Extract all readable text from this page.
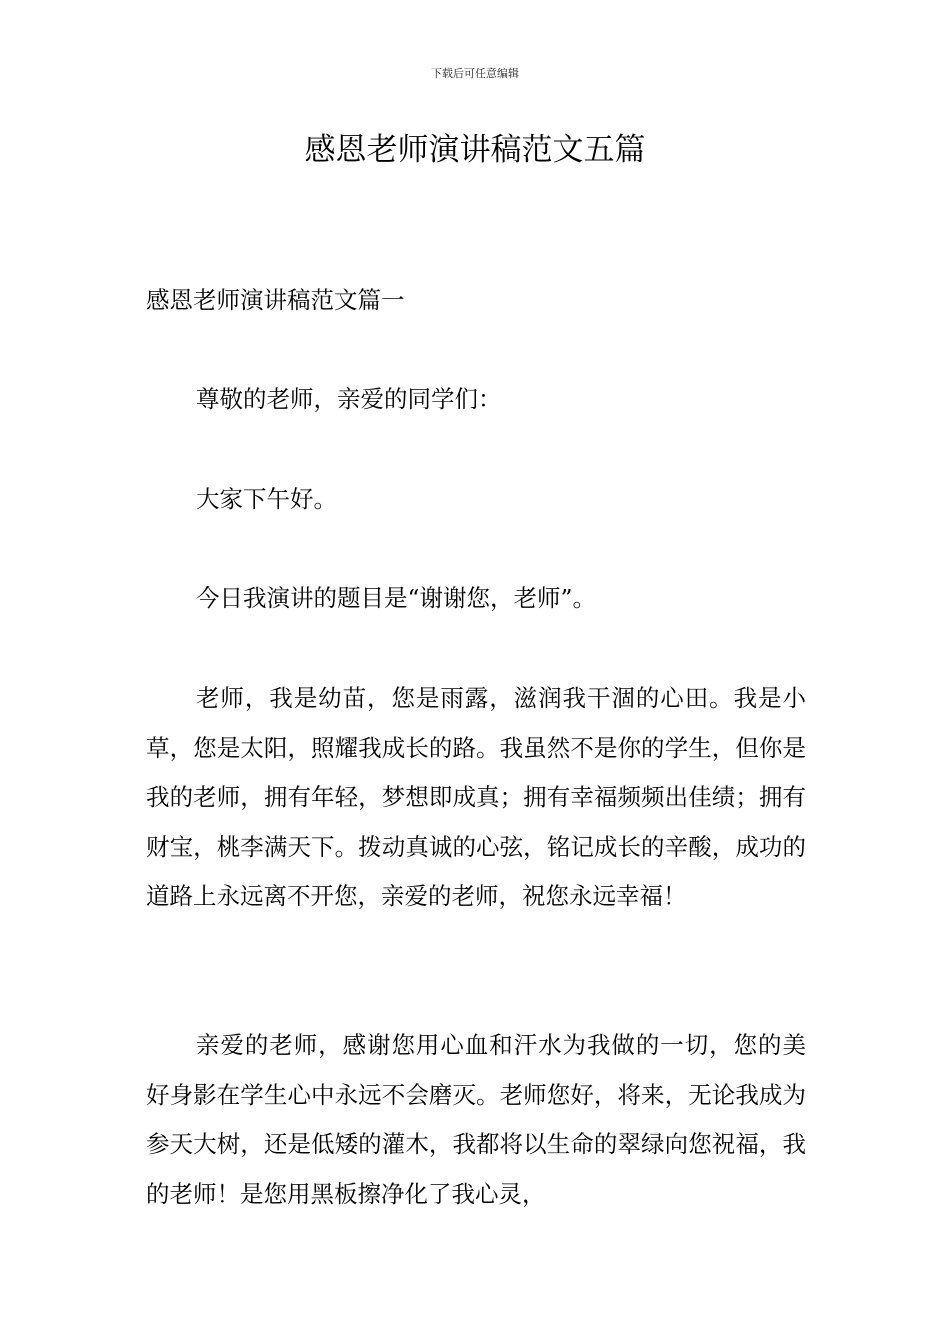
下载后可任意编辑
感恩老师演讲稿范文五篇

感恩老师演讲稿范文篇一

尊敬的老师，亲爱的同学们：

大家下午好。

今日我演讲的题目是“谢谢您，老师”。

老师，我是幼苗，您是雨露，滋润我干涸的心田。我是小草，您是太阳，照耀我成长的路。我虽然不是你的学生，但你是我的老师，拥有年轻，梦想即成真；拥有幸福频频出佳绩；拥有财宝，桃李满天下。拨动真诚的心弦，铭记成长的辛酸，成功的道路上永远离不开您，亲爱的老师，祝您永远幸福！

亲爱的老师，感谢您用心血和汗水为我做的一切，您的美好身影在学生心中永远不会磨灭。老师您好，将来，无论我成为参天大树，还是低矮的灌木，我都将以生命的翠绿向您祝福，我的老师！是您用黑板擦净化了我心灵，
